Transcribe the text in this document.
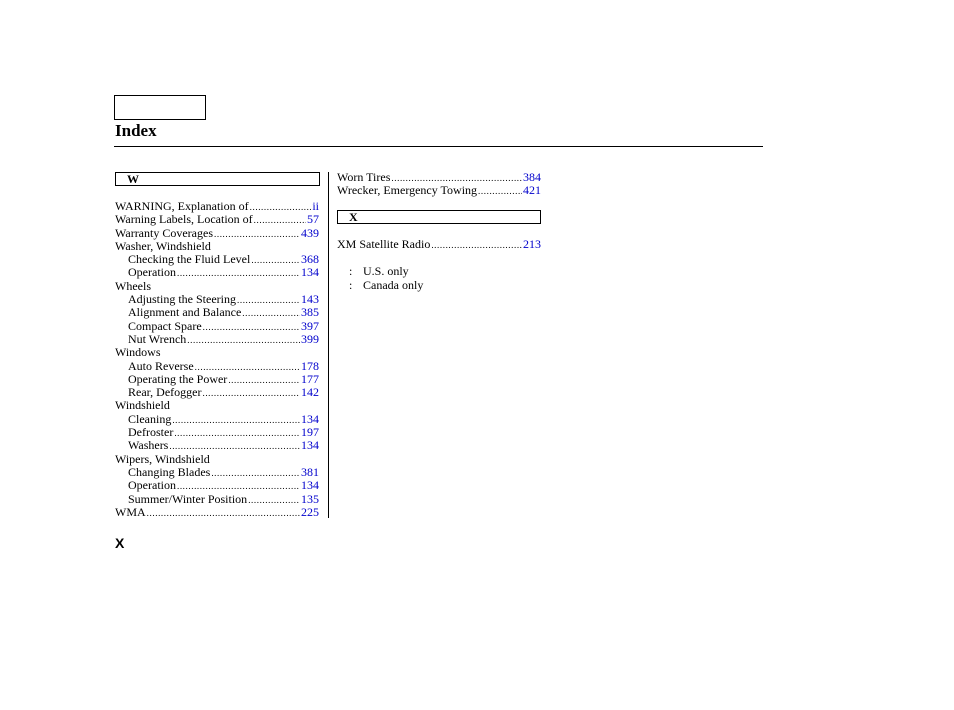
Index
W
WARNING, Explanation of .....	ii
Warning Labels, Location of .....	57
Warranty Coverages .....	439
Washer, Windshield
Checking the Fluid Level .....	368
Operation .....	134
Wheels
Adjusting the Steering .....	143
Alignment and Balance .....	385
Compact Spare .....	397
Nut Wrench .....	399
Windows
Auto Reverse .....	178
Operating the Power .....	177
Rear, Defogger .....	142
Windshield
Cleaning .....	134
Defroster .....	197
Washers .....	134
Wipers, Windshield
Changing Blades .....	381
Operation .....	134
Summer/Winter Position .....	135
WMA .....	225
Worn Tires .....	384
Wrecker, Emergency Towing .....	421
X
XM Satellite Radio .....	213
: U.S. only
: Canada only
X
